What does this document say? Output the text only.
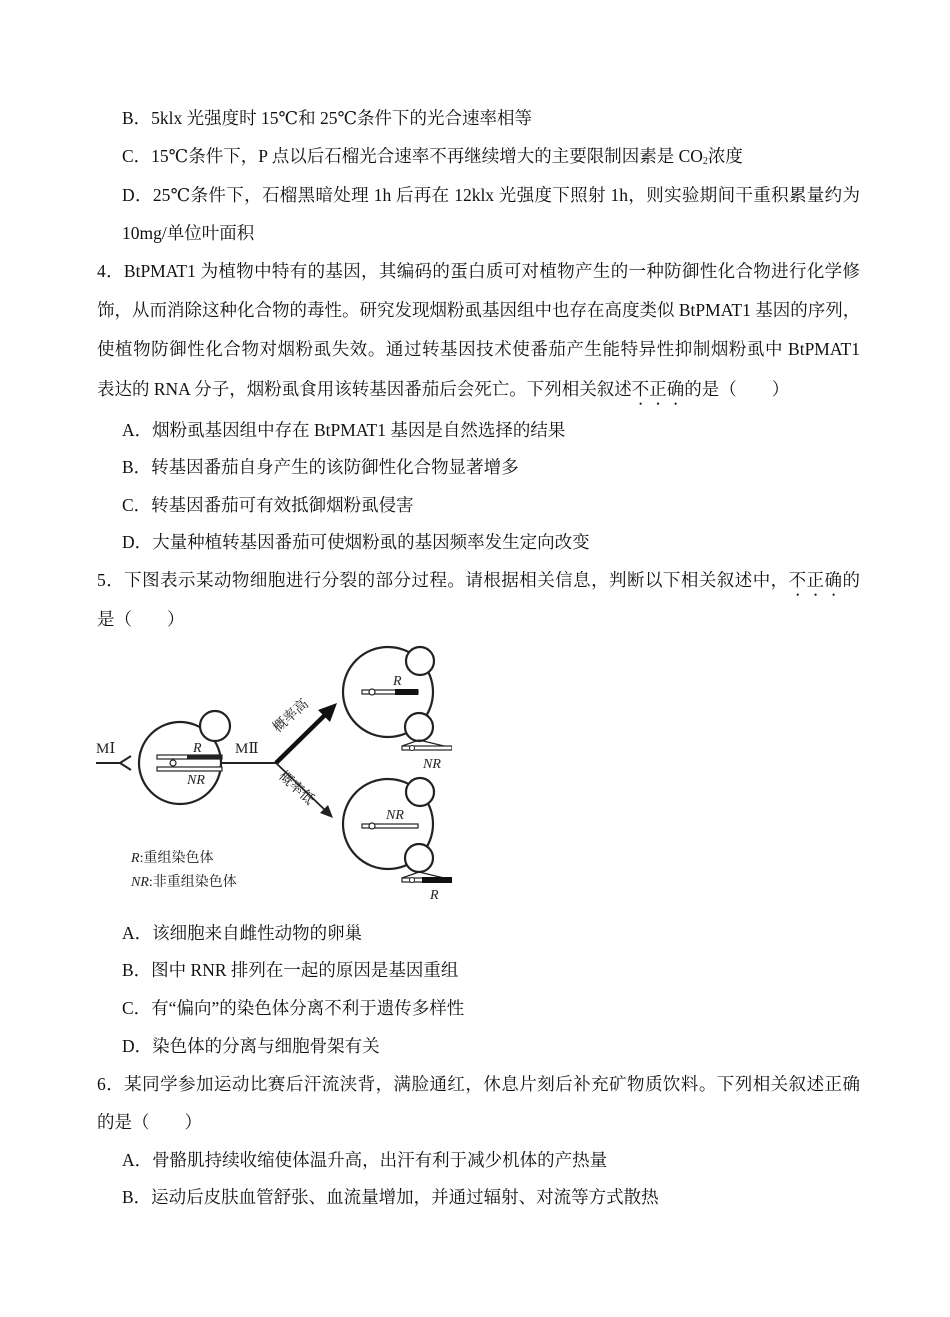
B．5klx 光强度时 15℃和 25℃条件下的光合速率相等
C．15℃条件下，P 点以后石榴光合速率不再继续增大的主要限制因素是 $CO_2$浓度
D．25℃条件下，石榴黑暗处理 1h 后再在 12klx 光强度下照射 1h，则实验期间干重积累量约为
10mg/单位叶面积
4．BtPMAT1 为植物中特有的基因，其编码的蛋白质可对植物产生的一种防御性化合物进行化学修
饰，从而消除这种化合物的毒性。研究发现烟粉虱基因组中也存在高度类似 BtPMAT1 基因的序列，
使植物防御性化合物对烟粉虱失效。通过转基因技术使番茄产生能特异性抑制烟粉虱中 BtPMAT1
表达的 RNA 分子，烟粉虱食用该转基因番茄后会死亡。下列相关叙述不正确的是（　　）
A．烟粉虱基因组中存在 BtPMAT1 基因是自然选择的结果
B．转基因番茄自身产生的该防御性化合物显著增多
C．转基因番茄可有效抵御烟粉虱侵害
D．大量种植转基因番茄可使烟粉虱的基因频率发生定向改变
5．下图表示某动物细胞进行分裂的部分过程。请根据相关信息，判断以下相关叙述中，不正确的
是（　　）
MⅠ	R
NR
MⅡ
概率高
概率低
R
NR
NR
R
R:重组染色体
NR:非重组染色体
A．该细胞来自雌性动物的卵巢
B．图中 RNR 排列在一起的原因是基因重组
C．有“偏向”的染色体分离不利于遗传多样性
D．染色体的分离与细胞骨架有关
6．某同学参加运动比赛后汗流浃背，满脸通红，休息片刻后补充矿物质饮料。下列相关叙述正确
的是（　　）
A．骨骼肌持续收缩使体温升高，出汗有利于减少机体的产热量
B．运动后皮肤血管舒张、血流量增加，并通过辐射、对流等方式散热
